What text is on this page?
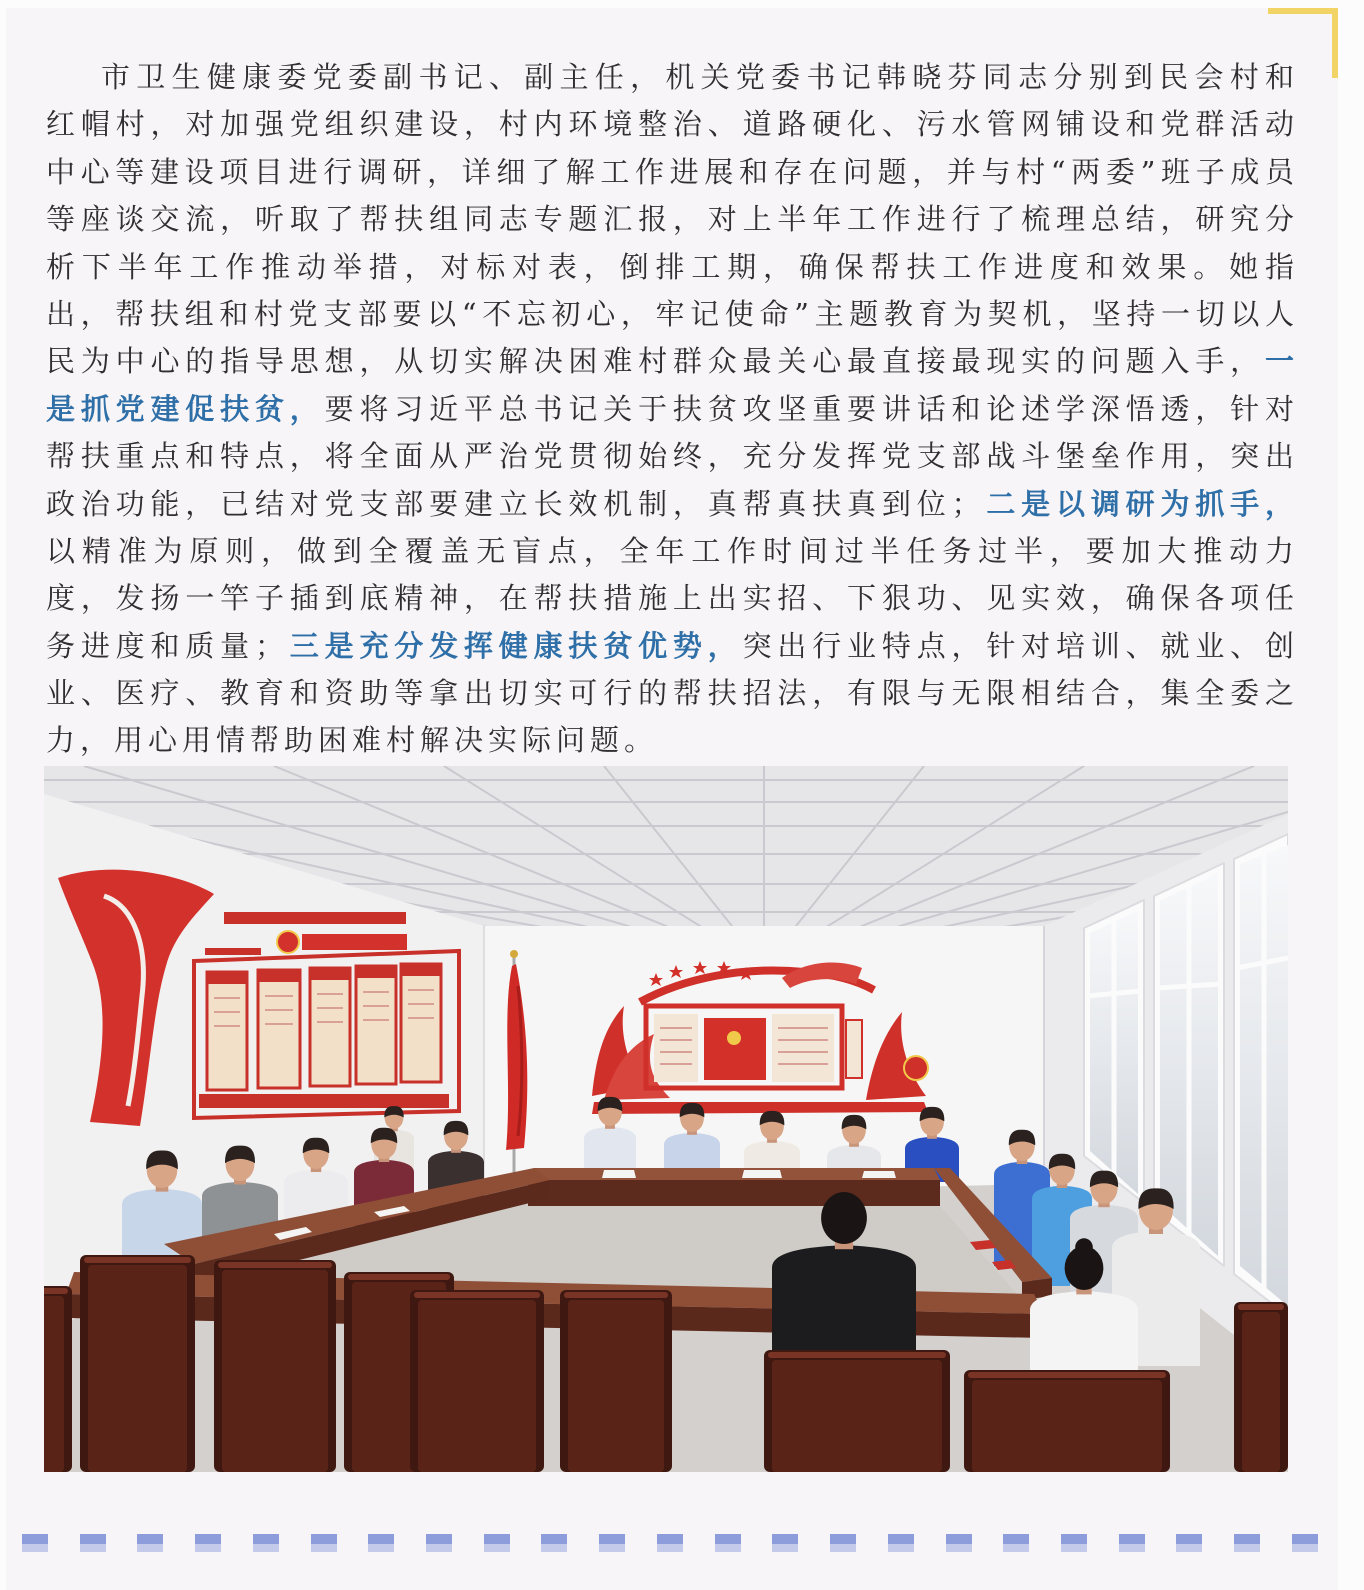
市卫生健康委党委副书记、副主任，机关党委书记韩晓芬同志分别到民会村和
红帽村，对加强党组织建设，村内环境整治、道路硬化、污水管网铺设和党群活动
中心等建设项目进行调研，详细了解工作进展和存在问题，并与村“两委”班子成员
等座谈交流，听取了帮扶组同志专题汇报，对上半年工作进行了梳理总结，研究分
析下半年工作推动举措，对标对表，倒排工期，确保帮扶工作进度和效果。她指
出，帮扶组和村党支部要以“不忘初心，牢记使命”主题教育为契机，坚持一切以人
民为中心的指导思想，从切实解决困难村群众最关心最直接最现实的问题入手，一
是抓党建促扶贫，要将习近平总书记关于扶贫攻坚重要讲话和论述学深悟透，针对
帮扶重点和特点，将全面从严治党贯彻始终，充分发挥党支部战斗堡垒作用，突出
政治功能，已结对党支部要建立长效机制，真帮真扶真到位；二是以调研为抓手，
以精准为原则，做到全覆盖无盲点，全年工作时间过半任务过半，要加大推动力
度，发扬一竿子插到底精神，在帮扶措施上出实招、下狠功、见实效，确保各项任
务进度和质量；三是充分发挥健康扶贫优势，突出行业特点，针对培训、就业、创
业、医疗、教育和资助等拿出切实可行的帮扶招法，有限与无限相结合，集全委之
力，用心用情帮助困难村解决实际问题。
